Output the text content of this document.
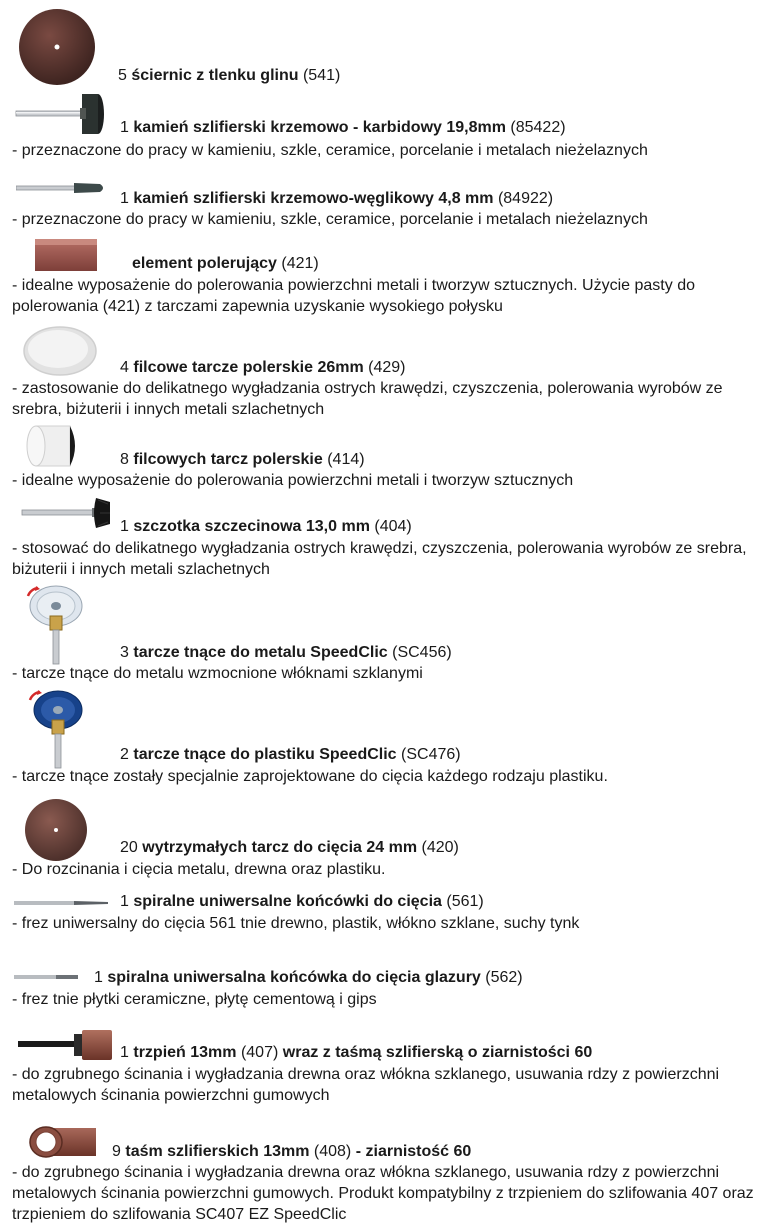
5 ściernic z tlenku glinu (541)
1 kamień szlifierski krzemowo - karbidowy 19,8mm (85422)

- przeznaczone do pracy w kamieniu, szkle, ceramice, porcelanie i metalach nieżelaznych

1 kamień szlifierski krzemowo-węglikowy 4,8 mm (84922)

- przeznaczone do pracy w kamieniu, szkle, ceramice, porcelanie i metalach nieżelaznych

element polerujący (421)

- idealne wyposażenie do polerowania powierzchni metali i tworzyw sztucznych. Użycie pasty do polerowania (421) z tarczami zapewnia uzyskanie wysokiego połysku

4 filcowe tarcze polerskie 26mm (429)

- zastosowanie do delikatnego wygładzania ostrych krawędzi, czyszczenia, polerowania wyrobów ze srebra, biżuterii i innych metali szlachetnych

8 filcowych tarcz polerskie (414)

- idealne wyposażenie do polerowania powierzchni metali i tworzyw sztucznych

1 szczotka szczecinowa 13,0 mm (404)

- stosować do delikatnego wygładzania ostrych krawędzi, czyszczenia, polerowania wyrobów ze srebra, biżuterii i innych metali szlachetnych

3 tarcze tnące do metalu SpeedClic (SC456)

- tarcze tnące do metalu wzmocnione włóknami szklanymi

2 tarcze tnące do plastiku SpeedClic (SC476)

- tarcze tnące zostały specjalnie zaprojektowane do cięcia każdego rodzaju plastiku.

20 wytrzymałych tarcz do cięcia 24 mm (420)

- Do rozcinania i cięcia metalu, drewna oraz plastiku.

1 spiralne uniwersalne końcówki do cięcia (561)

- frez uniwersalny do cięcia 561 tnie drewno, plastik, włókno szklane, suchy tynk

1 spiralna uniwersalna końcówka do cięcia glazury (562)

- frez tnie płytki ceramiczne, płytę cementową i gips

1 trzpień 13mm (407) wraz z taśmą szlifierską o ziarnistości 60

- do zgrubnego ścinania i wygładzania drewna oraz włókna szklanego, usuwania rdzy z powierzchni metalowych ścinania powierzchni gumowych

9 taśm szlifierskich 13mm (408) - ziarnistość 60

- do zgrubnego ścinania i wygładzania drewna oraz włókna szklanego, usuwania rdzy z powierzchni metalowych ścinania powierzchni gumowych. Produkt kompatybilny z trzpieniem do szlifowania 407 oraz trzpieniem do szlifowania SC407 EZ SpeedClic
